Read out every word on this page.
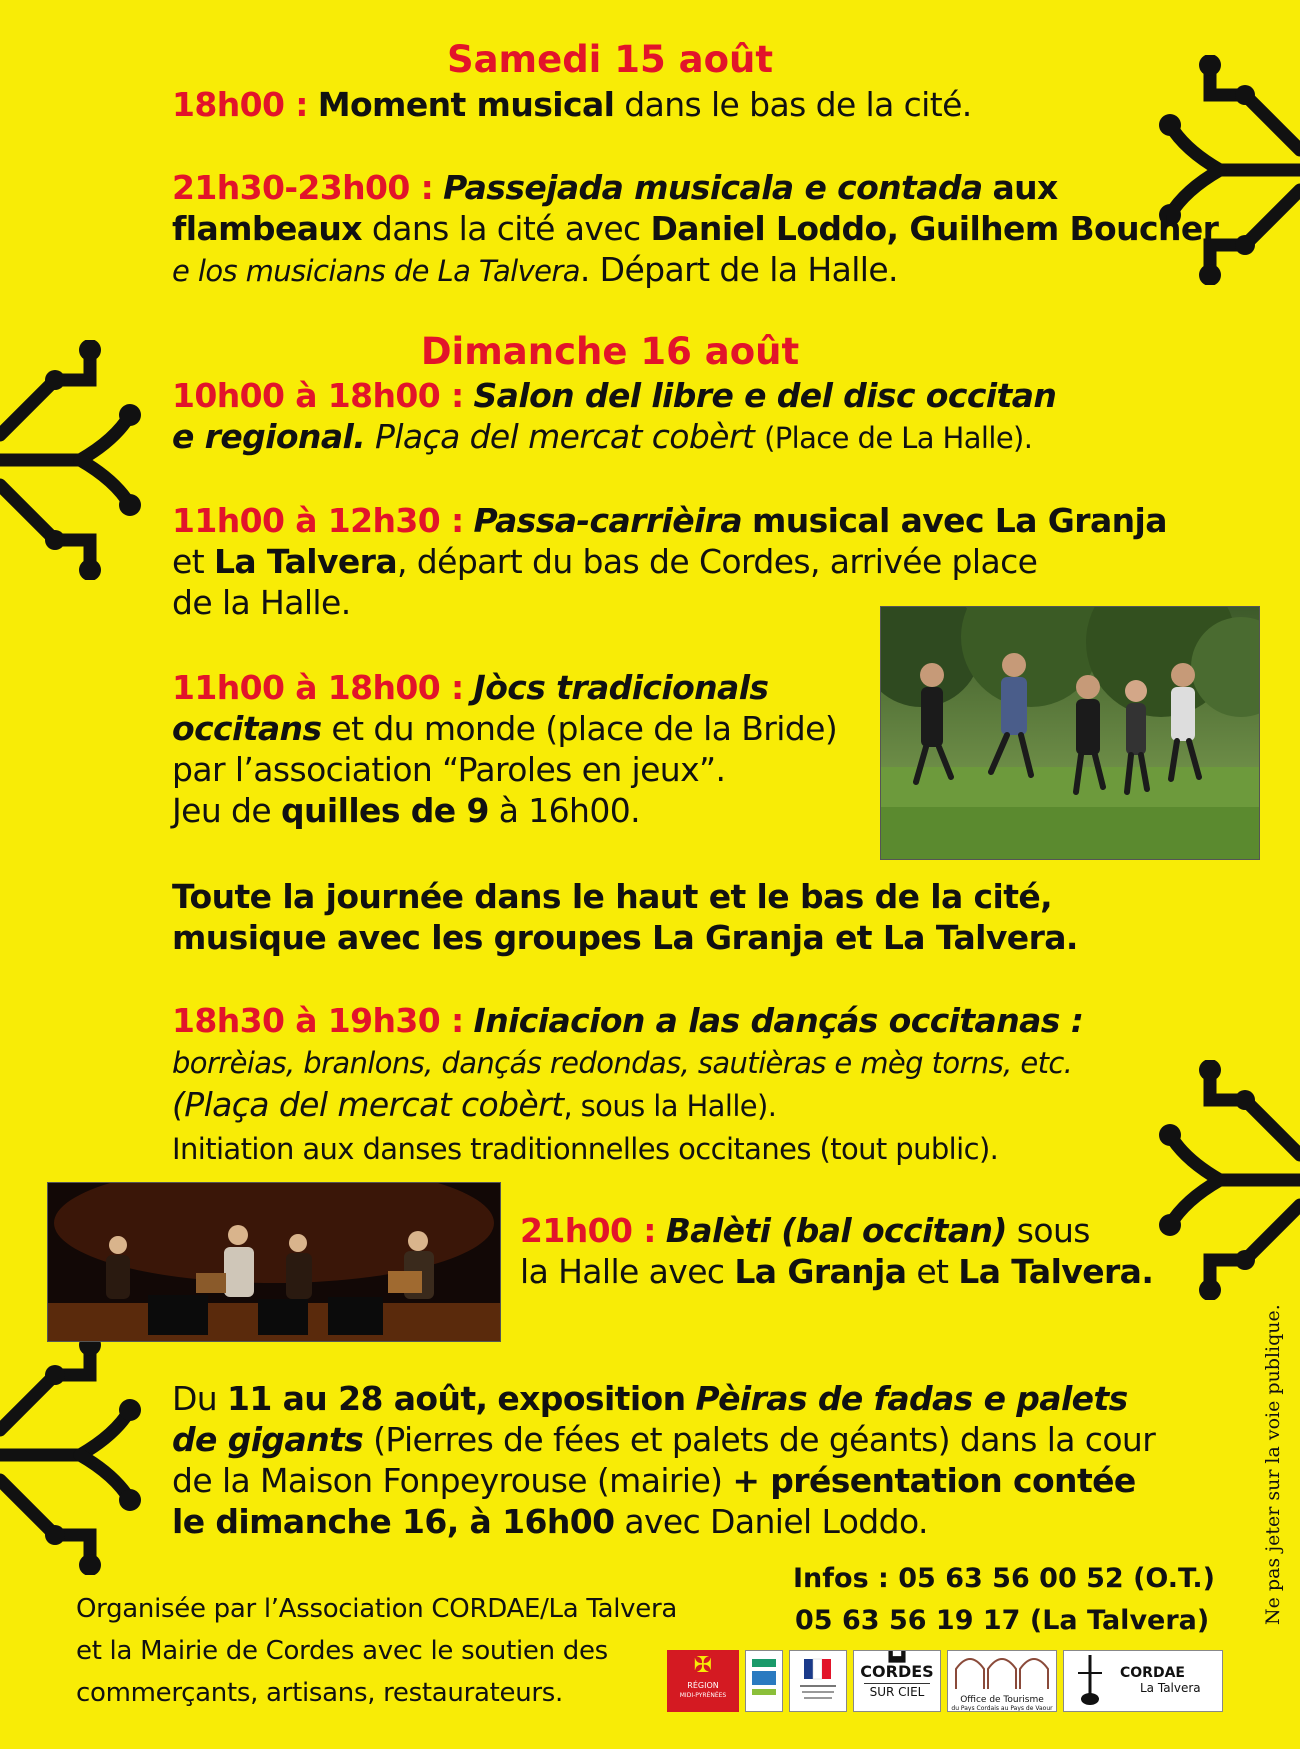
Samedi 15 août

18h00 : Moment musical dans le bas de la cité.

21h30-23h00 : Passejada musicala e contada aux

flambeaux dans la cité avec Daniel Loddo, Guilhem Boucher

e los musicians de La Talvera. Départ de la Halle.

Dimanche 16 août

10h00 à 18h00 : Salon del libre e del disc occitan

e regional. Plaça del mercat cobèrt (Place de La Halle).

11h00 à 12h30 : Passa-carrièira musical avec La Granja

et La Talvera, départ du bas de Cordes, arrivée place

de la Halle.

11h00 à 18h00 : Jòcs tradicionals

occitans et du monde (place de la Bride)

par l’association “Paroles en jeux”.

Jeu de quilles de 9 à 16h00.

Toute la journée dans le haut et le bas de la cité,

musique avec les groupes La Granja et La Talvera.

18h30 à 19h30 : Iniciacion a las dançás occitanas :

borrèias, branlons, dançás redondas, sautièras e mèg torns, etc.

(Plaça del mercat cobèrt, sous la Halle).

Initiation aux danses traditionnelles occitanes (tout public).

21h00 : Balèti (bal occitan) sous

la Halle avec La Granja et La Talvera.

Du 11 au 28 août, exposition Pèiras de fadas e palets

de gigants (Pierres de fées et palets de géants) dans la cour

de la Maison Fonpeyrouse (mairie) + présentation contée

le dimanche 16, à 16h00 avec Daniel Loddo.

Organisée par l’Association CORDAE/La Talvera
et la Mairie de Cordes avec le soutien des
commerçants, artisans, restaurateurs.
Infos : 05 63 56 00 52 (O.T.)
05 63 56 19 17 (La Talvera)	Ne pas jeter sur la voie publique.
✠
RÉGION
MIDI-PYRÉNÉES
▙▟
CORDES
SUR CIEL
Office de Tourisme
du Pays Cordais au Pays de Vaour
CORDAE
La Talvera
